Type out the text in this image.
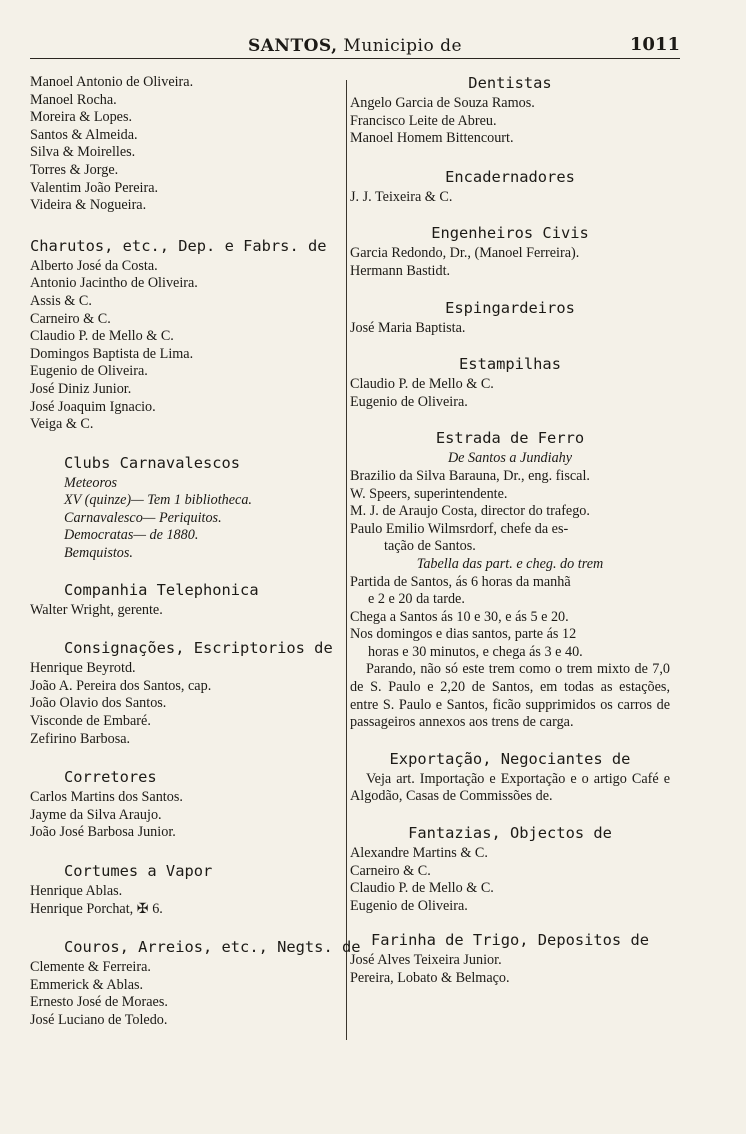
SANTOS, Municipio de	1011
Manoel Antonio de Oliveira.
Manoel Rocha.
Moreira & Lopes.
Santos & Almeida.
Silva & Moirelles.
Torres & Jorge.
Valentim João Pereira.
Videira & Nogueira.
Charutos, etc., Dep. e Fabrs. de
Alberto José da Costa.
Antonio Jacintho de Oliveira.
Assis & C.
Carneiro & C.
Claudio P. de Mello & C.
Domingos Baptista de Lima.
Eugenio de Oliveira.
José Diniz Junior.
José Joaquim Ignacio.
Veiga & C.
Clubs Carnavalescos
Meteoros
XV (quinze)— Tem 1 bibliotheca.
Carnavalesco— Periquitos.
Democratas— de 1880.
Bemquistos.
Companhia Telephonica
Walter Wright, gerente.
Consignações, Escriptorios de
Henrique Beyrotd.
João A. Pereira dos Santos, cap.
João Olavio dos Santos.
Visconde de Embaré.
Zefirino Barbosa.
Corretores
Carlos Martins dos Santos.
Jayme da Silva Araujo.
João José Barbosa Junior.
Cortumes a Vapor
Henrique Ablas.
Henrique Porchat, ✠ 6.
Couros, Arreios, etc., Negts. de
Clemente & Ferreira.
Emmerick & Ablas.
Ernesto José de Moraes.
José Luciano de Toledo.
Dentistas
Angelo Garcia de Souza Ramos.
Francisco Leite de Abreu.
Manoel Homem Bittencourt.
Encadernadores
J. J. Teixeira & C.
Engenheiros Civis
Garcia Redondo, Dr., (Manoel Ferreira).
Hermann Bastidt.
Espingardeiros
José Maria Baptista.
Estampilhas
Claudio P. de Mello & C.
Eugenio de Oliveira.
Estrada de Ferro
De Santos a Jundiahy
Brazilio da Silva Barauna, Dr., eng. fiscal.
W. Speers, superintendente.
M. J. de Araujo Costa, director do trafego.
Paulo Emilio Wilmsrdorf, chefe da es-
tação de Santos.
Tabella das part. e cheg. do trem
Partida de Santos, ás 6 horas da manhã
e 2 e 20 da tarde.
Chega a Santos ás 10 e 30, e ás 5 e 20.
Nos domingos e dias santos, parte ás 12
horas e 30 minutos, e chega ás 3 e 40.
Parando, não só este trem como o trem mixto de 7,0 de S. Paulo e 2,20 de Santos, em todas as estações, entre S. Paulo e Santos, ficão supprimidos os carros de passageiros annexos aos trens de carga.
Exportação, Negociantes de
Veja art. Importação e Exportação e o artigo Café e Algodão, Casas de Commissões de.
Fantazias, Objectos de
Alexandre Martins & C.
Carneiro & C.
Claudio P. de Mello & C.
Eugenio de Oliveira.
Farinha de Trigo, Depositos de
José Alves Teixeira Junior.
Pereira, Lobato & Belmaço.
